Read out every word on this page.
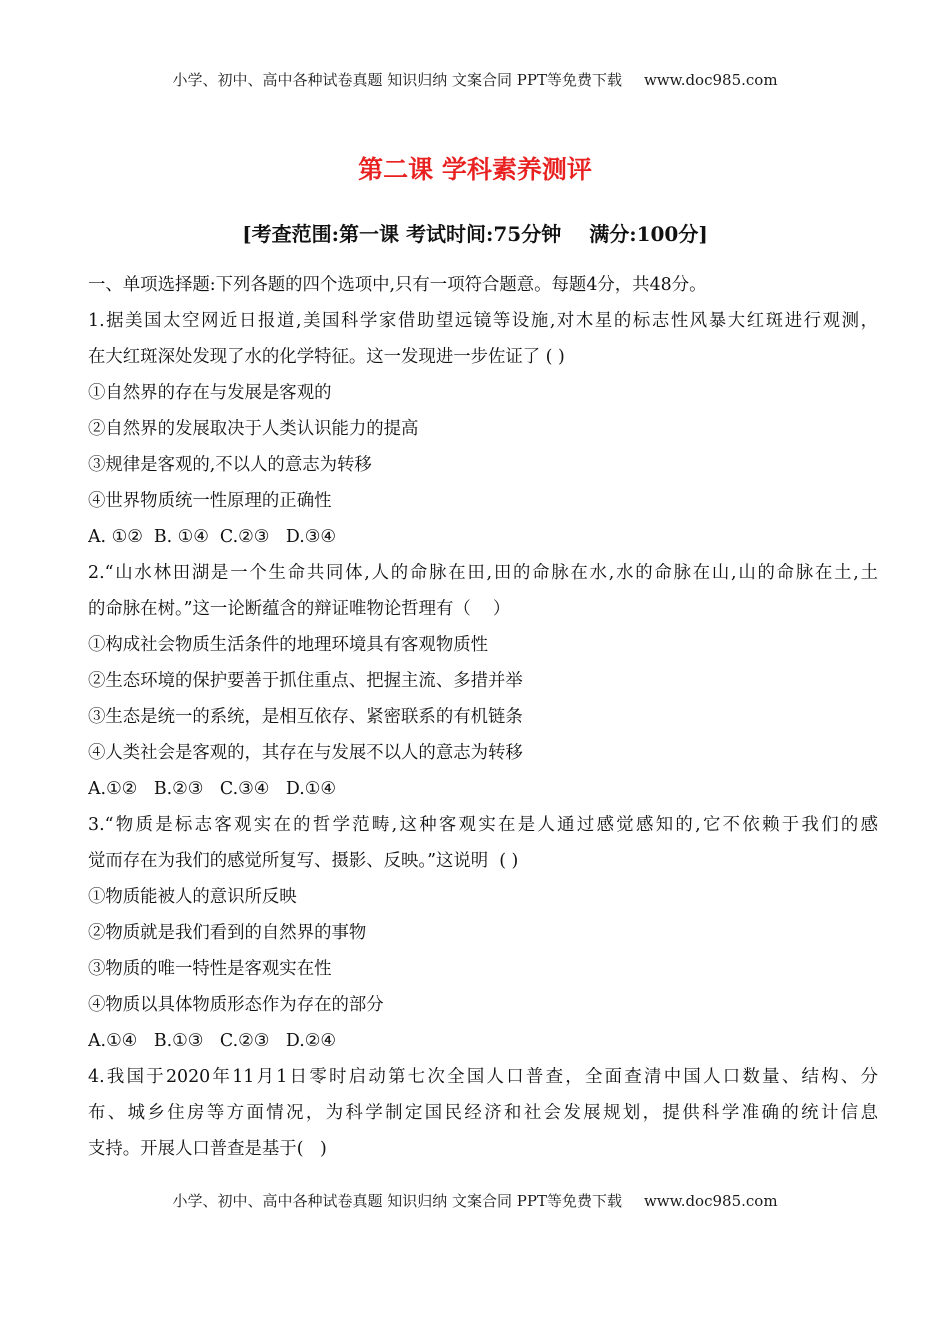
小学、初中、高中各种试卷真题 知识归纳 文案合同 PPT等免费下载 www.doc985.com
第二课 学科素养测评
[考查范围:第一课 考试时间:75分钟 满分:100分]
一、单项选择题:下列各题的四个选项中,只有一项符合题意。每题4分，共48分。
1.据美国太空网近日报道,美国科学家借助望远镜等设施,对木星的标志性风暴大红斑进行观测，
在大红斑深处发现了水的化学特征。这一发现进一步佐证了 ( )
①自然界的存在与发展是客观的
②自然界的发展取决于人类认识能力的提高
③规律是客观的,不以人的意志为转移
④世界物质统一性原理的正确性
A. ①②  B. ①④  C.②③   D.③④
2.“山水林田湖是一个生命共同体,人的命脉在田,田的命脉在水,水的命脉在山,山的命脉在土,土
的命脉在树。”这一论断蕴含的辩证唯物论哲理有（    ）
①构成社会物质生活条件的地理环境具有客观物质性
②生态环境的保护要善于抓住重点、把握主流、多措并举
③生态是统一的系统，是相互依存、紧密联系的有机链条
④人类社会是客观的，其存在与发展不以人的意志为转移
A.①②   B.②③   C.③④   D.①④
3.“物质是标志客观实在的哲学范畴,这种客观实在是人通过感觉感知的,它不依赖于我们的感
觉而存在为我们的感觉所复写、摄影、反映。”这说明  ( )
①物质能被人的意识所反映
②物质就是我们看到的自然界的事物
③物质的唯一特性是客观实在性
④物质以具体物质形态作为存在的部分
A.①④   B.①③   C.②③   D.②④
4.我国于2020年11月1日零时启动第七次全国人口普查，全面查清中国人口数量、结构、分
布、城乡住房等方面情况，为科学制定国民经济和社会发展规划，提供科学准确的统计信息
支持。开展人口普查是基于(   )
小学、初中、高中各种试卷真题 知识归纳 文案合同 PPT等免费下载 www.doc985.com
